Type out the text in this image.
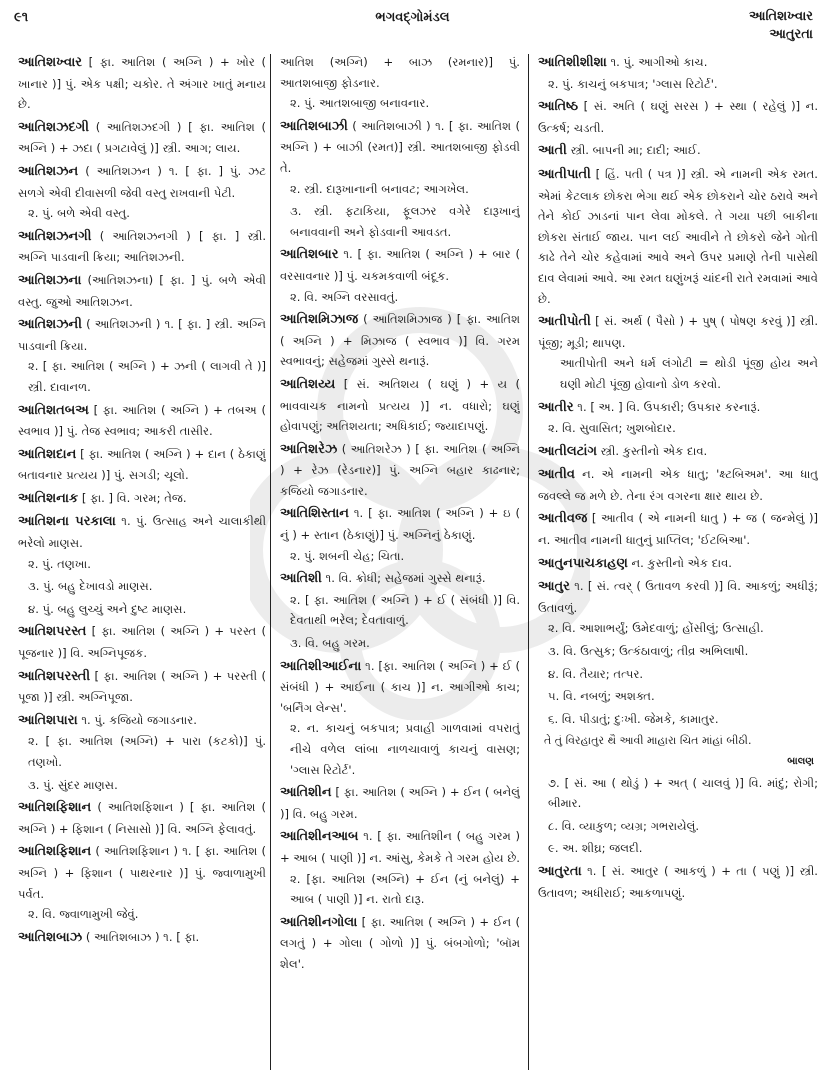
૯૧	ભગવદ્ગોમંડલ	આતિશખ્વાર
આતુરતા
આતિશખ્વાર [ ફા. આતિશ ( અગ્નિ ) + ખોર ( ખાનાર )] પું. એક પક્ષી; ચકોર. તે અંગાર ખાતું મનાય છે.
આતિશઝદગી ( આતિશઝદગી ) [ ફા. આતિશ ( અગ્નિ ) + ઝદા ( પ્રગટાવેલું )] સ્ત્રી. આગ; લાય.
આતિશઝન ( આતિશઝન ) ૧. [ ફા. ] પું. ઝટ સળગે એવી દીવાસળી જેવી વસ્તુ રાખવાની પેટી.
૨. પું. બળે એવી વસ્તુ.
આતિશઝનગી ( આતિશઝનગી ) [ ફા. ] સ્ત્રી. અગ્નિ પાડવાની ક્રિયા; આતિશઝની.
આતિશઝના (આતિશઝના) [ ફા. ] પું. બળે એવી વસ્તુ. જુઓ આતિશઝન.
આતિશઝની ( આતિશઝની ) ૧. [ ફા. ] સ્ત્રી. અગ્નિ પાડવાની ક્રિયા.
૨. [ ફા. આતિશ ( અગ્નિ ) + ઝની ( લાગવી તે )] સ્ત્રી. દાવાનળ.
આતિશતબઅ [ ફા. આતિશ ( અગ્નિ ) + તબઅ ( સ્વભાવ )] પું. તેજ સ્વભાવ; આકરી તાસીર.
આતિશદાન [ ફા. આતિશ ( અગ્નિ ) + દાન ( ઠેકાણું બતાવનાર પ્રત્યય )] પું. સગડી; ચૂલો.
આતિશનાક [ ફા. ] વિ. ગરમ; તેજ.
આતિશના પરકાલા ૧. પું. ઉત્સાહ અને ચાલાકીથી ભરેલો માણસ.
૨. પું. તણખા.
૩. પું. બહુ દેખાવડો માણસ.
૪. પું. બહુ લુચ્ચું અને દુષ્ટ માણસ.
આતિશપરસ્ત [ ફા. આતિશ ( અગ્નિ ) + પરસ્ત ( પૂજનાર )] વિ. અગ્નિપૂજક.
આતિશપરસ્તી [ ફા. આતિશ ( અગ્નિ ) + પરસ્તી ( પૂજા )] સ્ત્રી. અગ્નિપૂજા.
આતિશપારા ૧. પું. કજિયો જગાડનાર.
૨. [ ફા. આતિશ (અગ્નિ) + પારા (કટકો)] પું. તણખો.
૩. પું. સુંદર માણસ.
આતિશફિશાન ( આતિશફિશાન ) [ ફા. આતિશ ( અગ્નિ ) + ફિશાન ( નિસાસો )] વિ. અગ્નિ ફેલાવતું.
આતિશફિશાન ( આતિશફિશાન ) ૧. [ ફા. આતિશ ( અગ્નિ ) + ફિશાન ( પાથરનાર )] પું. જ્વાળામુખી પર્વત.
૨. વિ. જ્વાળામુખી જેવું.
આતિશબાઝ ( આતિશબાઝ ) ૧. [ ફા.
આતિશ (અગ્નિ) + બાઝ (રમનાર)] પું. આતશબાજી ફોડનાર.
૨. પું. આતશબાજી બનાવનાર.
આતિશબાઝી ( આતિશબાઝી ) ૧. [ ફા. આતિશ ( અગ્નિ ) + બાઝી (રમત)] સ્ત્રી. આતશબાજી ફોડવી તે.
૨. સ્ત્રી. દારૂખાનાની બનાવટ; આગખેલ.
૩. સ્ત્રી. ફટાકિયા, ફૂલઝર વગેરે દારૂખાનું બનાવવાની અને ફોડવાની આવડત.
આતિશબાર ૧. [ ફા. આતિશ ( અગ્નિ ) + બાર ( વરસાવનાર )] પું. ચકમકવાળી બંદૂક.
૨. વિ. અગ્નિ વરસાવતું.
આતિશમિઝાજ ( આતિશમિઝાજ ) [ ફા. આતિશ ( અગ્નિ ) + મિઝાજ ( સ્વભાવ )] વિ. ગરમ સ્વભાવનું; સહેજમાં ગુસ્સે થનારૂં.
આતિશય્ય [ સં. અતિશય ( ઘણું ) + ય ( ભાવવાચક નામનો પ્રત્યય )] ન. વધારો; ઘણું હોવાપણું; અતિશયતા; અધિકાઈ; જ્યાદાપણું.
આતિશરેઝ ( આતિશરેઝ ) [ ફા. આતિશ ( અગ્નિ ) + રેઝ (રેડનાર)] પું. અગ્નિ બહાર કાઢનાર; કજિયો જગાડનાર.
આતિશિસ્તાન ૧. [ ફા. આતિશ ( અગ્નિ ) + ઇ ( નું ) + સ્તાન (ઠેકાણું)] પું. અગ્નિનું ઠેકાણું.
૨. પું. શબની ચેહ; ચિતા.
આતિશી ૧. વિ. ક્રોધી; સહેજમાં ગુસ્સે થનારૂં.
૨. [ ફા. આતિશ ( અગ્નિ ) + ઈ ( સંબંધી )] વિ. દેવતાથી ભરેલ; દેવતાવાળું.
૩. વિ. બહુ ગરમ.
આતિશીઆઈના ૧. [ફા. આતિશ ( અગ્નિ ) + ઈ ( સંબંધી ) + આઈના ( કાચ )] ન. આગીઓ કાચ; 'બર્નિંગ લેન્સ'.
૨. ન. કાચનું બકપાત્ર; પ્રવાહી ગાળવામાં વપરાતું નીચે વળેલ લાંબા નાળચાવાળું કાચનું વાસણ; 'ગ્લાસ રિટોર્ટ'.
આતિશીન [ ફા. આતિશ ( અગ્નિ ) + ઈન ( બનેલું )] વિ. બહુ ગરમ.
આતિશીનઆબ ૧. [ ફા. આતિશીન ( બહુ ગરમ ) + આબ ( પાણી )] ન. આંસુ, કેમકે તે ગરમ હોય છે.
૨. [ફા. આતિશ (અગ્નિ) + ઈન (નું બનેલું) + આબ ( પાણી )] ન. રાતો દારૂ.
આતિશીનગોલા [ ફા. આતિશ ( અગ્નિ ) + ઈન ( લગતું ) + ગોલા ( ગોળો )] પું. બંબગોળો; 'બૉમ શેલ'.
આતિશીશીશા ૧. પું. આગીઓ કાચ.
૨. પું. કાચનું બકપાત્ર; 'ગ્લાસ રિટોર્ટ'.
આતિષ્ઠ [ સં. અતિ ( ઘણું સરસ ) + સ્થા ( રહેલું )] ન. ઉત્કર્ષ; ચડતી.
આતી સ્ત્રી. બાપની મા; દાદી; આઈ.
આતીપાતી [ હિં. પતી ( પત્ર )] સ્ત્રી. એ નામની એક રમત. એમાં કેટલાક છોકરા ભેગા થઈ એક છોકરાને ચોર ઠરાવે અને તેને કોઈ ઝાડનાં પાન લેવા મોકલે. તે ગયા પછી બાકીના છોકરા સંતાઈ જાય. પાન લઈ આવીને તે છોકરો જેને ગોતી કાઢે તેને ચોર કહેવામાં આવે અને ઉપર પ્રમાણે તેની પાસેથી દાવ લેવામાં આવે. આ રમત ઘણુંખરૂં ચાંદની રાતે રમવામાં આવે છે.
આતીપોતી [ સં. અર્થ ( પૈસો ) + પુષ્ ( પોષણ કરવું )] સ્ત્રી. પૂંજી; મૂડી; થાપણ.
આતીપોતી અને ધર્મ લંગોટી = થોડી પૂંજી હોય અને ઘણી મોટી પૂંજી હોવાનો ડોળ કરવો.
આતીર ૧. [ અ. ] વિ. ઉપકારી; ઉપકાર કરનારૂં.
૨. વિ. સુવાસિત; ખુશબોદાર.
આતીલટાંગ સ્ત્રી. કુસ્તીનો એક દાવ.
આતીવ ન. એ નામની એક ધાતુ; 'ક્ષ્ટબિઅમ'. આ ધાતુ જવલ્લે જ મળે છે. તેના રંગ વગરના ક્ષાર થાય છે.
આતીવજ [ આતીવ ( એ નામની ધાતુ ) + જ ( જન્મેલું )] ન. આતીવ નામની ધાતુનું પ્રાપ્તિલ; 'ઈટબિઆ'.
આતુનપાચકાહણ ન. કુસ્તીનો એક દાવ.
આતુર ૧. [ સં. ત્વર્ ( ઉતાવળ કરવી )] વિ. આકળું; અધીરૂં; ઉતાવળું.
૨. વિ. આશાભર્યું; ઉમેદવાળું; હોંસીલું; ઉત્સાહી.
૩. વિ. ઉત્સુક; ઉત્કંઠાવાળું; તીવ્ર અભિલાષી.
૪. વિ. તૈયાર; તત્પર.
૫. વિ. નબળું; અશક્ત.
૬. વિ. પીડાતું; દુઃખી. જેમકે, કામાતુર.
તે તું વિરહાતુર થૈ આવી માહારા ચિત માંહાં બીઠી.
બાલણ
૭. [ સં. આ ( થોડું ) + અત્ ( ચાલવું )] વિ. માંદું; રોગી; બીમાર.
૮. વિ. વ્યાકુળ; વ્યગ્ર; ગભરાયેલું.
૯. અ. શીઘ્ર; જલદી.
આતુરતા ૧. [ સં. આતુર ( આકળું ) + તા ( પણું )] સ્ત્રી. ઉતાવળ; અધીરાઈ; આકળાપણું.
